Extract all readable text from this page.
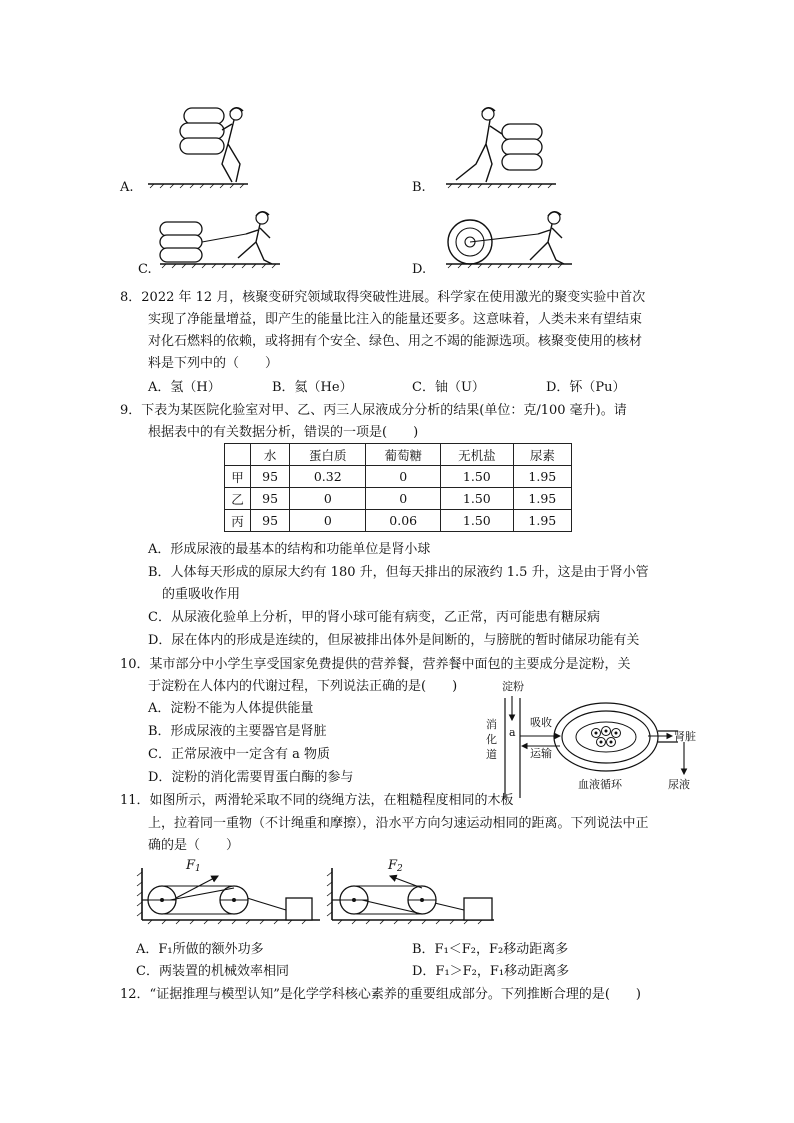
A.	B.
C.	D.
8．2022 年 12 月，核聚变研究领域取得突破性进展。科学家在使用激光的聚变实验中首次
实现了净能量增益，即产生的能量比注入的能量还要多。这意味着，人类未来有望结束
对化石燃料的依赖，或将拥有个安全、绿色、用之不竭的能源选项。核聚变使用的核材
料是下列中的（　　）
A．氢（H）	B．氦（He）	C．铀（U）	D．钚（Pu）
9．下表为某医院化验室对甲、乙、丙三人尿液成分分析的结果(单位：克/100 毫升)。请
根据表中的有关数据分析，错误的一项是(　　)
	水	蛋白质	葡萄糖	无机盐	尿素
甲	95	0.32	0	1.50	1.95
乙	95	0	0	1.50	1.95
丙	95	0	0.06	1.50	1.95
A．形成尿液的最基本的结构和功能单位是肾小球
B．人体每天形成的原尿大约有 180 升，但每天排出的尿液约 1.5 升，这是由于肾小管
的重吸收作用
C．从尿液化验单上分析，甲的肾小球可能有病变，乙正常，丙可能患有糖尿病
D．尿在体内的形成是连续的，但尿被排出体外是间断的，与膀胱的暂时储尿功能有关
10．某市部分中小学生享受国家免费提供的营养餐，营养餐中面包的主要成分是淀粉，关
于淀粉在人体内的代谢过程，下列说法正确的是(　　)
A．淀粉不能为人体提供能量
B．形成尿液的主要器官是肾脏
C．正常尿液中一定含有 a 物质
D．淀粉的消化需要胃蛋白酶的参与
淀粉
消
化
道
a
吸收
运输
肾脏
血液循环	尿液
11．如图所示，两滑轮采取不同的绕绳方法，在粗糙程度相同的木板
上，拉着同一重物（不计绳重和摩擦），沿水平方向匀速运动相同的距离。下列说法中正
确的是（　　）
$F_1$	$F_2$
A．F₁所做的额外功多	B．F₁＜F₂，F₂移动距离多
C．两装置的机械效率相同	D．F₁＞F₂，F₁移动距离多
12．“证据推理与模型认知”是化学学科核心素养的重要组成部分。下列推断合理的是(　　)
